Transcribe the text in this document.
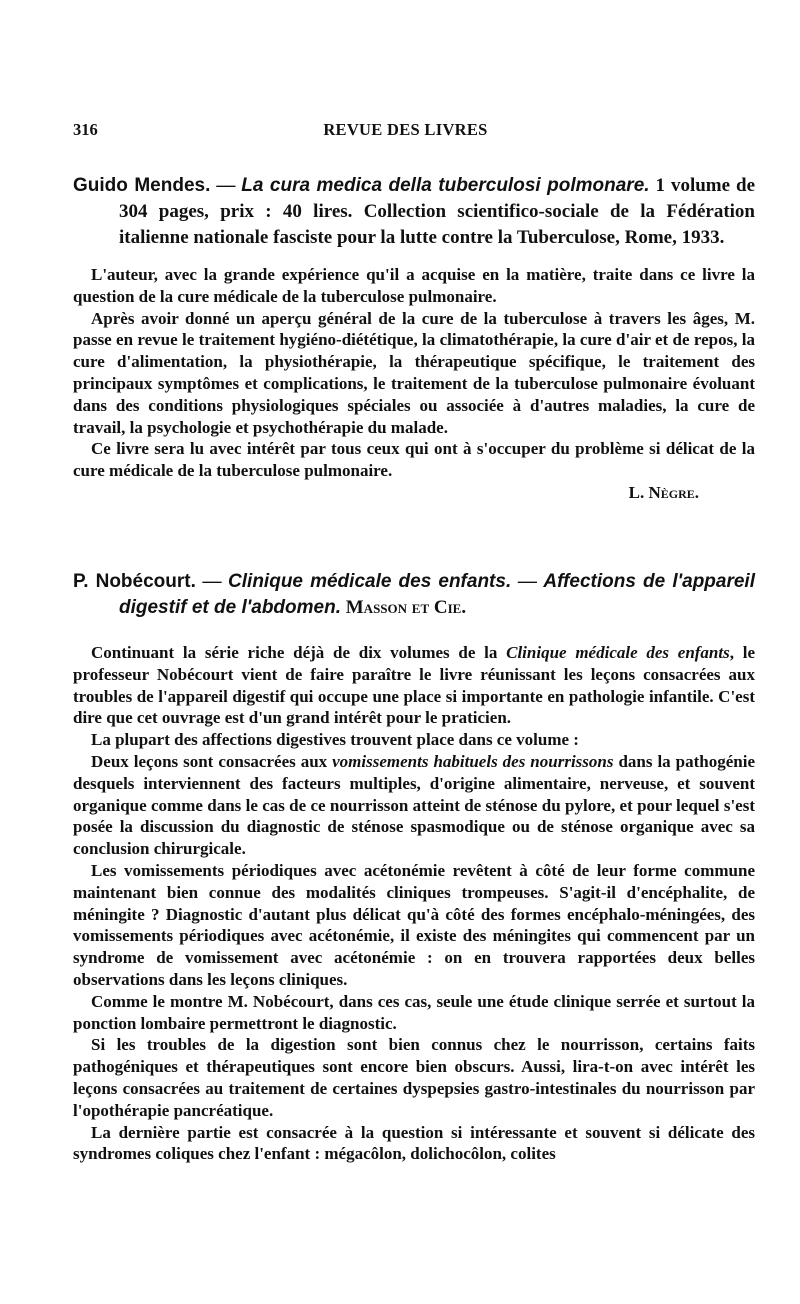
316	REVUE DES LIVRES
Guido Mendes. — La cura medica della tuberculosi polmonare. 1 volume de 304 pages, prix : 40 lires. Collection scientifico-sociale de la Fédération italienne nationale fasciste pour la lutte contre la Tuberculose, Rome, 1933.

L'auteur, avec la grande expérience qu'il a acquise en la matière, traite dans ce livre la question de la cure médicale de la tuberculose pulmonaire.

Après avoir donné un aperçu général de la cure de la tuberculose à travers les âges, M. passe en revue le traitement hygiéno-diététique, la climatothérapie, la cure d'air et de repos, la cure d'alimentation, la physiothérapie, la thérapeutique spécifique, le traitement des principaux symptômes et complications, le traitement de la tuberculose pulmonaire évoluant dans des conditions physiologiques spéciales ou associée à d'autres maladies, la cure de travail, la psychologie et psychothérapie du malade.

Ce livre sera lu avec intérêt par tous ceux qui ont à s'occuper du problème si délicat de la cure médicale de la tuberculose pulmonaire.

L. Nègre.
P. Nobécourt. — Clinique médicale des enfants. — Affections de l'appareil digestif et de l'abdomen. Masson et Cie.

Continuant la série riche déjà de dix volumes de la Clinique médicale des enfants, le professeur Nobécourt vient de faire paraître le livre réunissant les leçons consacrées aux troubles de l'appareil digestif qui occupe une place si importante en pathologie infantile. C'est dire que cet ouvrage est d'un grand intérêt pour le praticien.

La plupart des affections digestives trouvent place dans ce volume :

Deux leçons sont consacrées aux vomissements habituels des nourrissons dans la pathogénie desquels interviennent des facteurs multiples, d'origine alimentaire, nerveuse, et souvent organique comme dans le cas de ce nourrisson atteint de sténose du pylore, et pour lequel s'est posée la discussion du diagnostic de sténose spasmodique ou de sténose organique avec sa conclusion chirurgicale.

Les vomissements périodiques avec acétonémie revêtent à côté de leur forme commune maintenant bien connue des modalités cliniques trompeuses. S'agit-il d'encéphalite, de méningite ? Diagnostic d'autant plus délicat qu'à côté des formes encéphalo-méningées, des vomissements périodiques avec acétonémie, il existe des méningites qui commencent par un syndrome de vomissement avec acétonémie : on en trouvera rapportées deux belles observations dans les leçons cliniques.

Comme le montre M. Nobécourt, dans ces cas, seule une étude clinique serrée et surtout la ponction lombaire permettront le diagnostic.

Si les troubles de la digestion sont bien connus chez le nourrisson, certains faits pathogéniques et thérapeutiques sont encore bien obscurs. Aussi, lira-t-on avec intérêt les leçons consacrées au traitement de certaines dyspepsies gastro-intestinales du nourrisson par l'opothérapie pancréatique.

La dernière partie est consacrée à la question si intéressante et souvent si délicate des syndromes coliques chez l'enfant : mégacôlon, dolichocôlon, colites
